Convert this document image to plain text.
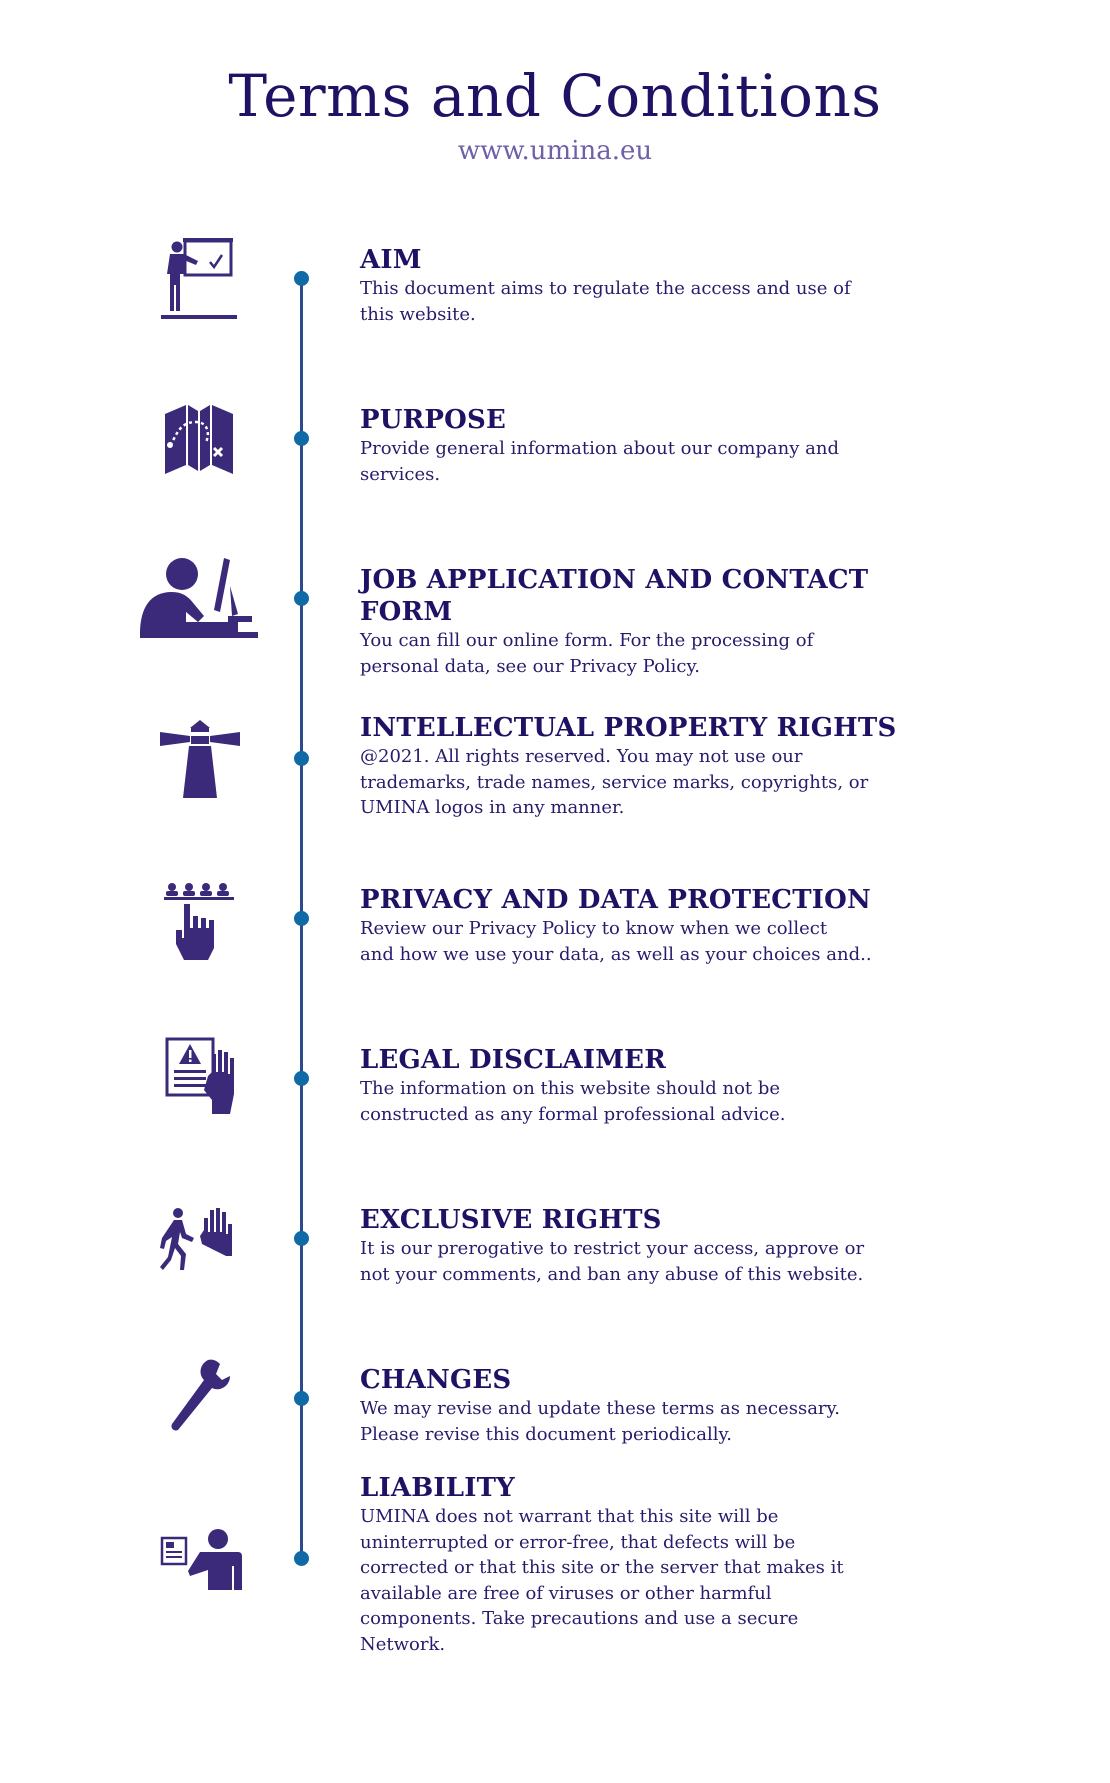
Terms and Conditions
www.umina.eu
AIM

This document aims to regulate the access and use of
this website.

PURPOSE

Provide general information about our company and
services.

JOB APPLICATION AND CONTACT FORM

You can fill our online form. For the processing of
personal data, see our Privacy Policy.

INTELLECTUAL PROPERTY RIGHTS

@2021. All rights reserved. You may not use our
trademarks, trade names, service marks, copyrights, or
UMINA logos in any manner.

PRIVACY AND DATA PROTECTION

Review our Privacy Policy to know when we collect
and how we use your data, as well as your choices and..

LEGAL DISCLAIMER

The information on this website should not be
constructed as any formal professional advice.

EXCLUSIVE RIGHTS

It is our prerogative to restrict your access, approve or
not your comments, and ban any abuse of this website.

CHANGES

We may revise and update these terms as necessary.
Please revise this document periodically.

LIABILITY

UMINA does not warrant that this site will be
uninterrupted or error-free, that defects will be
corrected or that this site or the server that makes it
available are free of viruses or other harmful
components. Take precautions and use a secure
Network.
